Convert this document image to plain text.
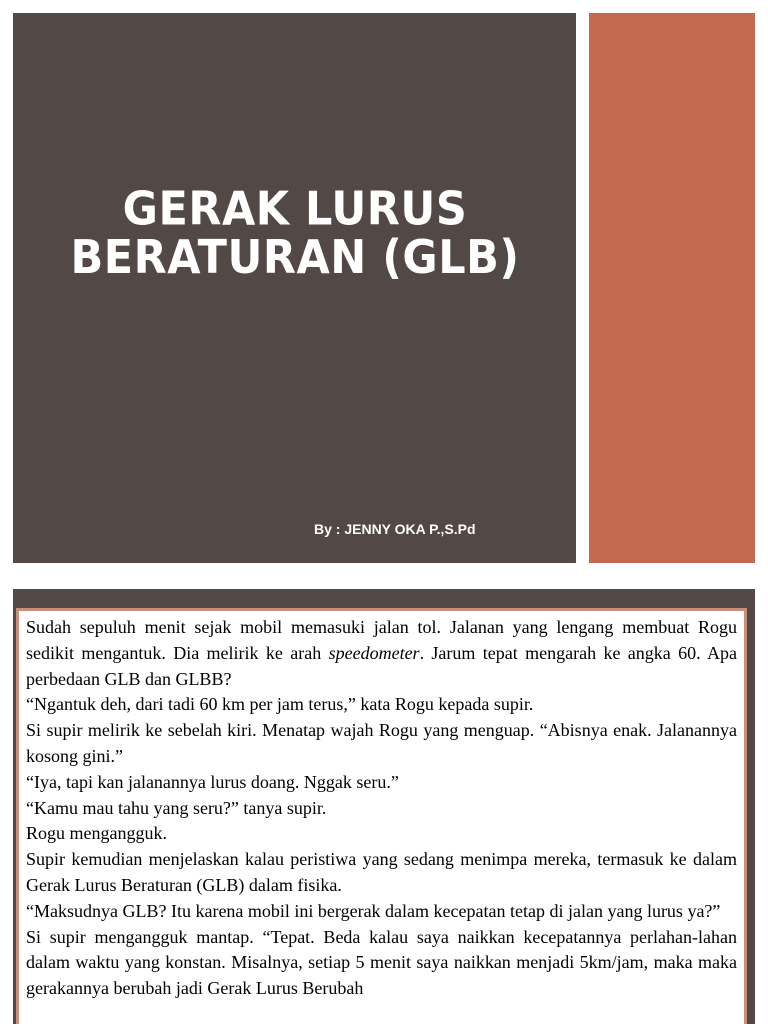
GERAK LURUS
BERATURAN (GLB)
By : JENNY OKA P.,S.Pd

Sudah sepuluh menit sejak mobil memasuki jalan tol. Jalanan yang lengang membuat Rogu sedikit mengantuk. Dia melirik ke arah speedometer. Jarum tepat mengarah ke angka 60. Apa perbedaan GLB dan GLBB?

“Ngantuk deh, dari tadi 60 km per jam terus,” kata Rogu kepada supir.

Si supir melirik ke sebelah kiri. Menatap wajah Rogu yang menguap. “Abisnya enak. Jalanannya kosong gini.”

“Iya, tapi kan jalanannya lurus doang. Nggak seru.”

“Kamu mau tahu yang seru?” tanya supir.

Rogu mengangguk.

Supir kemudian menjelaskan kalau peristiwa yang sedang menimpa mereka, termasuk ke dalam Gerak Lurus Beraturan (GLB) dalam fisika.

“Maksudnya GLB? Itu karena mobil ini bergerak dalam kecepatan tetap di jalan yang lurus ya?”

Si supir mengangguk mantap. “Tepat. Beda kalau saya naikkan kecepatannya perlahan-lahan dalam waktu yang konstan. Misalnya, setiap 5 menit saya naikkan menjadi 5km/jam, maka maka gerakannya berubah jadi Gerak Lurus Berubah
